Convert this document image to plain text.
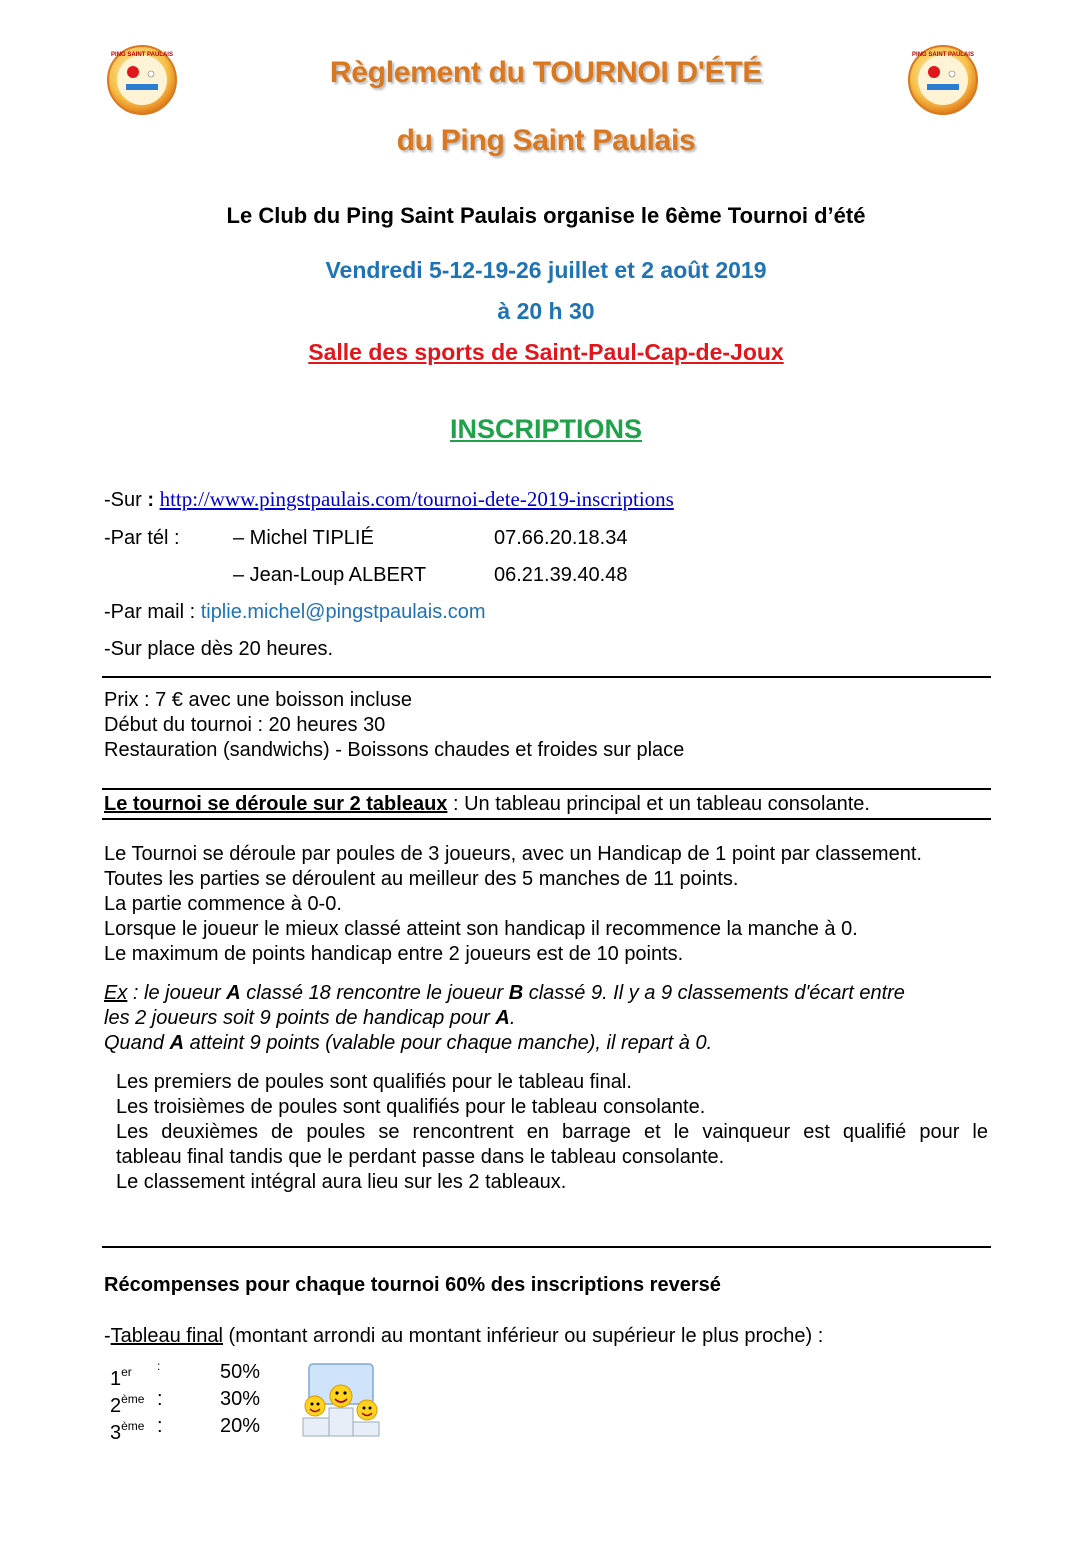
PING SAINT PAULAIS	PING SAINT PAULAIS
Règlement du TOURNOI D'ÉTÉ
du Ping Saint Paulais
Le Club du Ping Saint Paulais organise le 6ème Tournoi d’été
Vendredi 5-12-19-26 juillet et 2 août 2019
à 20 h 30
Salle des sports de Saint-Paul-Cap-de-Joux
INSCRIPTIONS
-Sur : http://www.pingstpaulais.com/tournoi-dete-2019-inscriptions
-Par tél :	– Michel TIPLIÉ	07.66.20.18.34
– Jean-Loup ALBERT	06.21.39.40.48
-Par mail : tiplie.michel@pingstpaulais.com
-Sur place dès 20 heures.
Prix : 7 € avec une boisson incluse
Début du tournoi : 20 heures 30
Restauration (sandwichs) - Boissons chaudes et froides sur place
Le tournoi se déroule sur 2 tableaux : Un tableau principal et un tableau consolante.
Le Tournoi se déroule par poules de 3 joueurs, avec un Handicap de 1 point par classement.
Toutes les parties se déroulent au meilleur des 5 manches de 11 points.
La partie commence à 0-0.
Lorsque le joueur le mieux classé atteint son handicap il recommence la manche à 0.
Le maximum de points handicap entre 2 joueurs est de 10 points.
Ex : le joueur A classé 18 rencontre le joueur B classé 9. Il y a 9 classements d'écart entre
les 2 joueurs soit 9 points de handicap pour A.
Quand A atteint 9 points (valable pour chaque manche), il repart à 0.
Les premiers de poules sont qualifiés pour le tableau final.
Les troisièmes de poules sont qualifiés pour le tableau consolante.
Les deuxièmes de poules se rencontrent en barrage et le vainqueur est qualifié pour le
tableau final tandis que le perdant passe dans le tableau consolante.
Le classement intégral aura lieu sur les 2 tableaux.
Récompenses pour chaque tournoi 60% des inscriptions reversé
-Tableau final (montant arrondi au montant inférieur ou supérieur le plus proche) :
1er :	50%
2ème :	30%
3ème :	20%
